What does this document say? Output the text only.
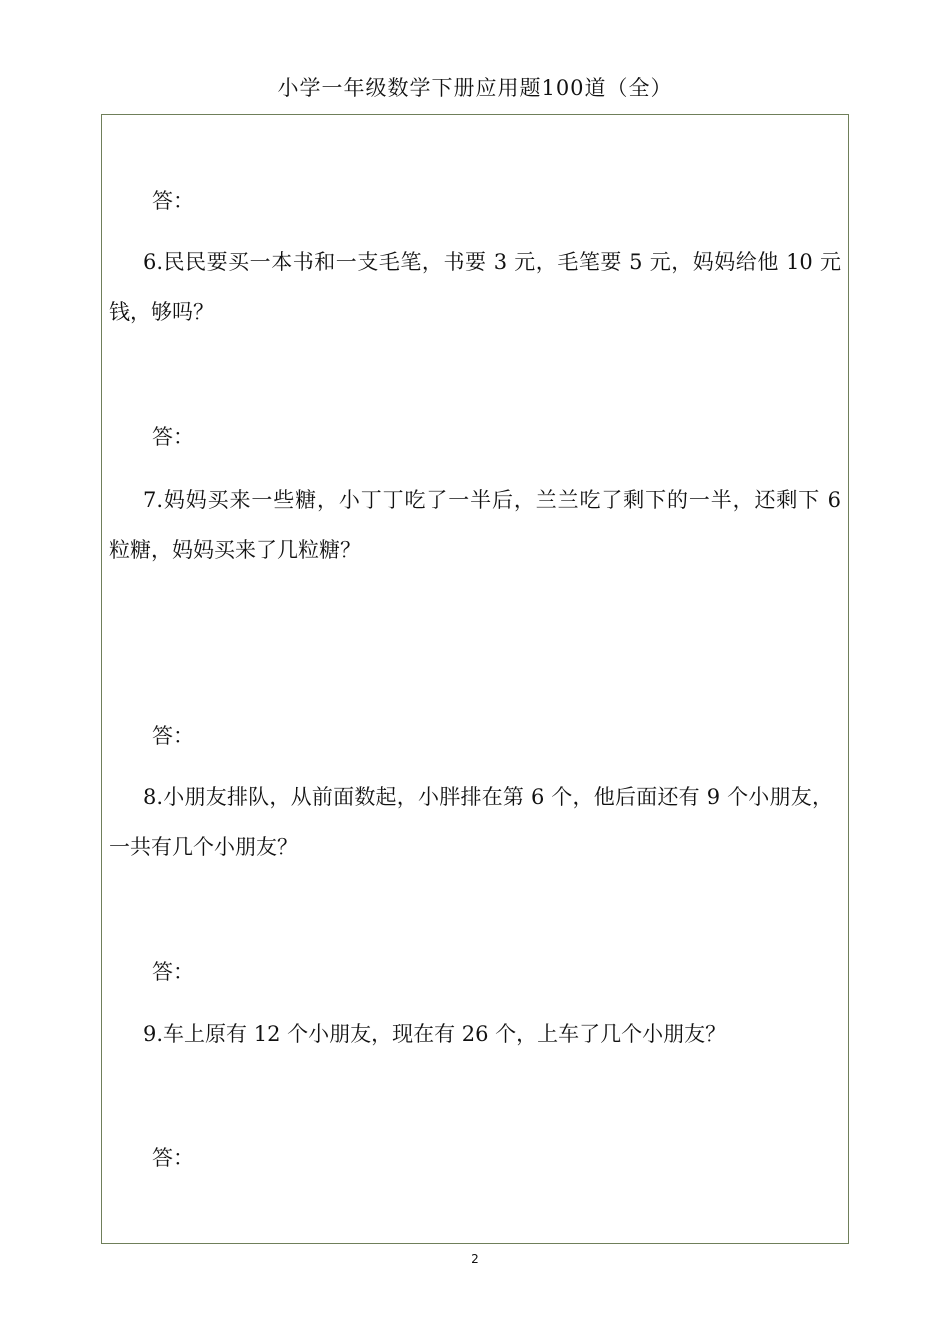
小学一年级数学下册应用题100道（全）
答：
6.民民要买一本书和一支毛笔，书要 3 元，毛笔要 5 元，妈妈给他 10 元
钱，够吗？
答：
7.妈妈买来一些糖，小丁丁吃了一半后，兰兰吃了剩下的一半，还剩下 6
粒糖，妈妈买来了几粒糖？
答：
8.小朋友排队，从前面数起，小胖排在第 6 个，他后面还有 9 个小朋友，
一共有几个小朋友？
答：
9.车上原有 12 个小朋友，现在有 26 个，上车了几个小朋友？
答：
2
